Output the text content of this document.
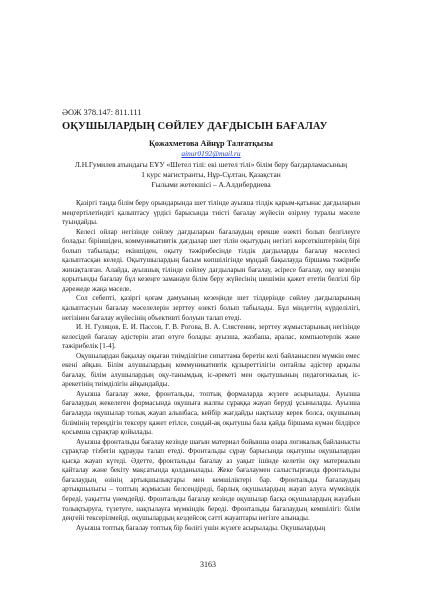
ӘОЖ 378.147: 811.111
ОҚУШЫЛАРДЫҢ СӨЙЛЕУ ДАҒДЫСЫН БАҒАЛАУ
Қожахметова Айнұр Талғатқызы
ainur0192@mail.ru
Л.Н.Гумилев атындағы ЕҰУ «Шетел тілі: екі шетел тілі» білім беру бағдарламасының
1 курс магистранты, Нұр-Сұлтан, Қазақстан
Ғылыми жетекшісі – А.Алдибердиева

Қазіргі таңда білім беру орындарында шет тілінде ауызша тілдік қарым-қатынас дағдыларын меңгертілетіндігі қалыптасу үрдісі барысында тиісті бағалау жүйесін өзірлеу туралы мәселе туындайды.

Келесі ойлар негізінде сөйлеу дағдыларын бағалаудың ерекше өзекті болып белгілеуге болады: біріншіден, коммуникативтік дағдылар шет тілін оқытудың негізгі көрсеткіштерінің бірі болып табылады; екіншіден, оқыту тәжірибесінде тілдік дағдыларды бағалау мәселесі қалыптасқан келеді. Оқытушылардың басым көпшілігінде мұндай бақылауда біршама тәжірибе жинақталған. Алайда, ауызшық тілінде сөйлеу дағдыларын бағалау, әсіресе бағалау, оқу кезеңін қорытынды бағалау бұл кезеңге заманауи білім беру жүйесінің шешімін қажет ететін белгілі бір дәрежеде жаңа мәселе.

Сол себепті, қазіргі қоғам дамуының кезеңінде шет тілдерінде сөйлеу дағдыларының қалыптасуын бағалау мәселелерін зерттеу өзекті болып табылады. Бұл міндеттің күрделілігі, негізінен бағалау жүйесінің объективті болуын талап етеді.

И. Н. Гуляцов, Е. И. Пассов, Г. В. Рогова, В. А. Слястенин, зерттеу жұмыстарының негізінде келесідей бағалау әдістерін атап өтуге болады: ауызша, жазбаша, аралас, компьютерлік және тәжірибелік [1-4].

Оқушылардан бақылау оқыған тиімділігіне сипаттама беретін келі байланыспен мүмкін емес екені айқын. Білім алушылардың коммуникативтік құзыреттілігін онтайлы әдістер арқылы бағалау, білім алушылардың оқу-танымдық іс-әрекеті мен оқытушының педагогикалық іс-әрекетінің тиімділігін айқындайды.

Ауызша бағалау жеке, фронтальды, топтық формаларда жүзеге асырылады. Ауызша бағалаудың жекелеген формасында оқушыға жалпы сұраққа жауап беруді ұсынылады. Ауызша бағалауда оқушылар толық жауап алынбаса, кейбір жағдайды нақтылау керек болса, оқушының білімінің тереңдігін тексеру қажет етілсе, сондай-ақ оқытушы бала қайда біршама күмән білдірсе қосымша сұрақтар қойылады.

Ауызша фронтальды бағалау кезінде шағын материал бойынша өзара логикалық байланысты сұрақтар тізбегін құрауды талап етеді. Фронтальды сұрау барысында оқытушы оқушылардан қысқа жауап күтеді. Әдетте, фронтальды бағалау аз уақыт ішінде келетін оқу материалын қайталау және бекіту мақсатында қолданылады. Жеке бағалаумен салыстырғанда фронтальды бағалаудың өзінің артықшылықтары мен кемшіліктері бар. Фронтальды бағалаудың артықшылығы – топтың жұмысын белсендіреді, барлық оқушылардың жауап алуға мүмкіндік береді, уақытты үнемдейді. Фронтальды бағалау кезінде оқушылар басқа оқушылардың жауабын толықтыруға, түзетуге, нақтылауға мүмкіндік береді. Фронтальды бағалаудың кемшілігі: білім деңгейі тексерілмейді, оқушылардың кездейсоқ сәтті жауаптары негізге алынады.

Ауызша топтық бағалау топтық бір бөлігі үшін жүзеге асырылады. Оқушылардың

3163
